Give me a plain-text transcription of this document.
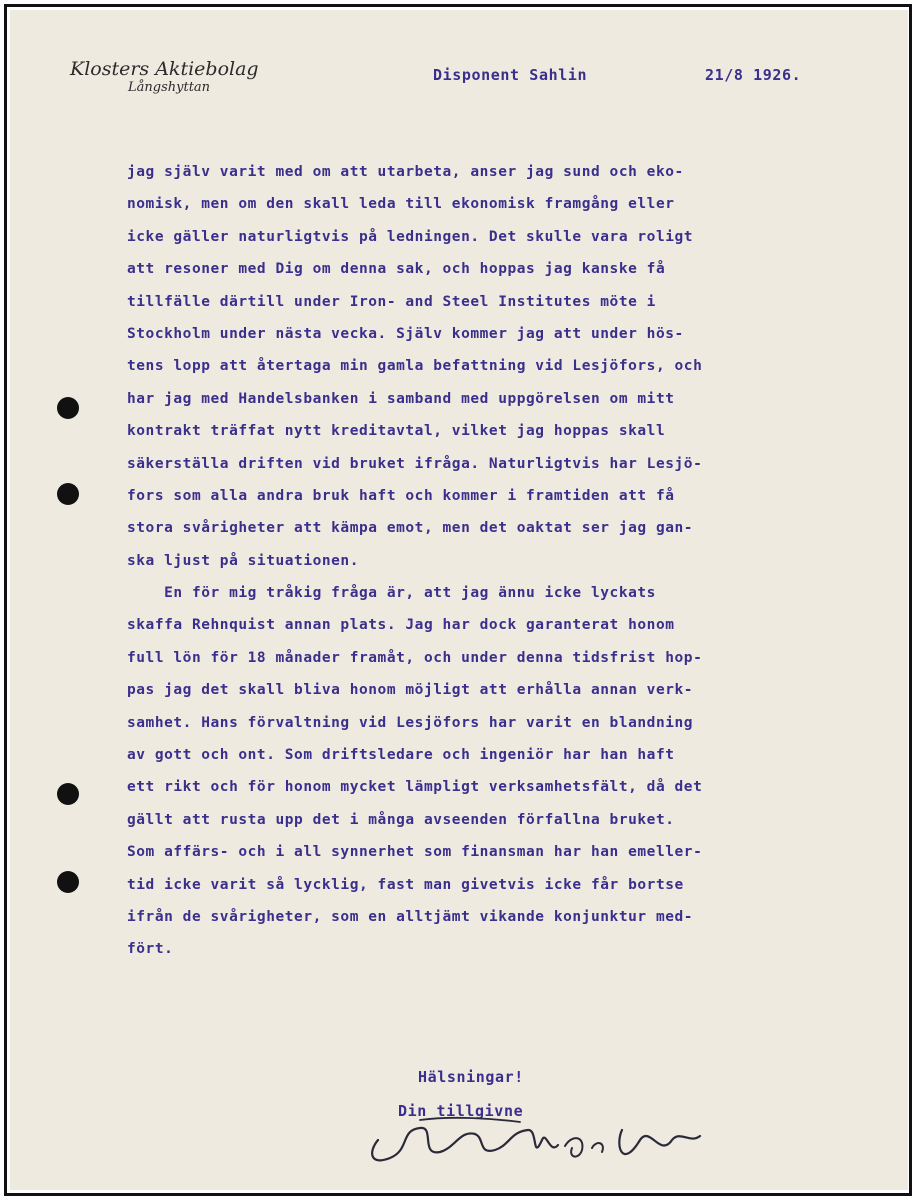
Klosters Aktiebolag
Långshyttan
Disponent Sahlin	21/8 1926.
jag själv varit med om att utarbeta, anser jag sund och eko-
nomisk, men om den skall leda till ekonomisk framgång eller
icke gäller naturligtvis på ledningen. Det skulle vara roligt
att resoner med Dig om denna sak, och hoppas jag kanske få
tillfälle därtill under Iron- and Steel Institutes möte i
Stockholm under nästa vecka. Själv kommer jag att under hös-
tens lopp att återtaga min gamla befattning vid Lesjöfors, och
har jag med Handelsbanken i samband med uppgörelsen om mitt
kontrakt träffat nytt kreditavtal, vilket jag hoppas skall
säkerställa driften vid bruket ifråga. Naturligtvis har Lesjö-
fors som alla andra bruk haft och kommer i framtiden att få
stora svårigheter att kämpa emot, men det oaktat ser jag gan-
ska ljust på situationen.
En för mig tråkig fråga är, att jag ännu icke lyckats
skaffa Rehnquist annan plats. Jag har dock garanterat honom
full lön för 18 månader framåt, och under denna tidsfrist hop-
pas jag det skall bliva honom möjligt att erhålla annan verk-
samhet. Hans förvaltning vid Lesjöfors har varit en blandning
av gott och ont. Som driftsledare och ingeniör har han haft
ett rikt och för honom mycket lämpligt verksamhetsfält, då det
gällt att rusta upp det i många avseenden förfallna bruket.
Som affärs- och i all synnerhet som finansman har han emeller-
tid icke varit så lycklig, fast man givetvis icke får bortse
ifrån de svårigheter, som en alltjämt vikande konjunktur med-
fört.
Hälsningar!
Din tillgivne
